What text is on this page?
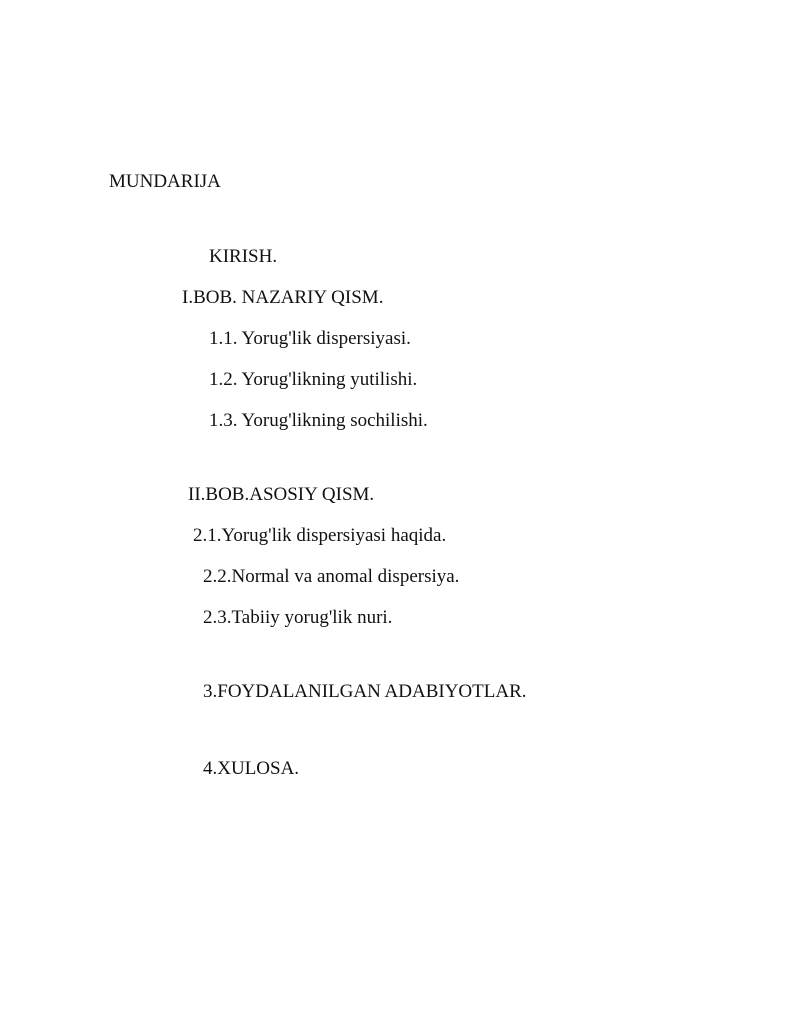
MUNDARIJA
KIRISH.
I.BOB. NAZARIY QISM.
1.1. Yorug'lik dispersiyasi.
1.2. Yorug'likning yutilishi.
1.3. Yorug'likning sochilishi.
II.BOB.ASOSIY QISM.
2.1.Yorug'lik dispersiyasi haqida.
2.2.Normal va anomal dispersiya.
2.3.Tabiiy yorug'lik nuri.
3.FOYDALANILGAN ADABIYOTLAR.
4.XULOSA.
